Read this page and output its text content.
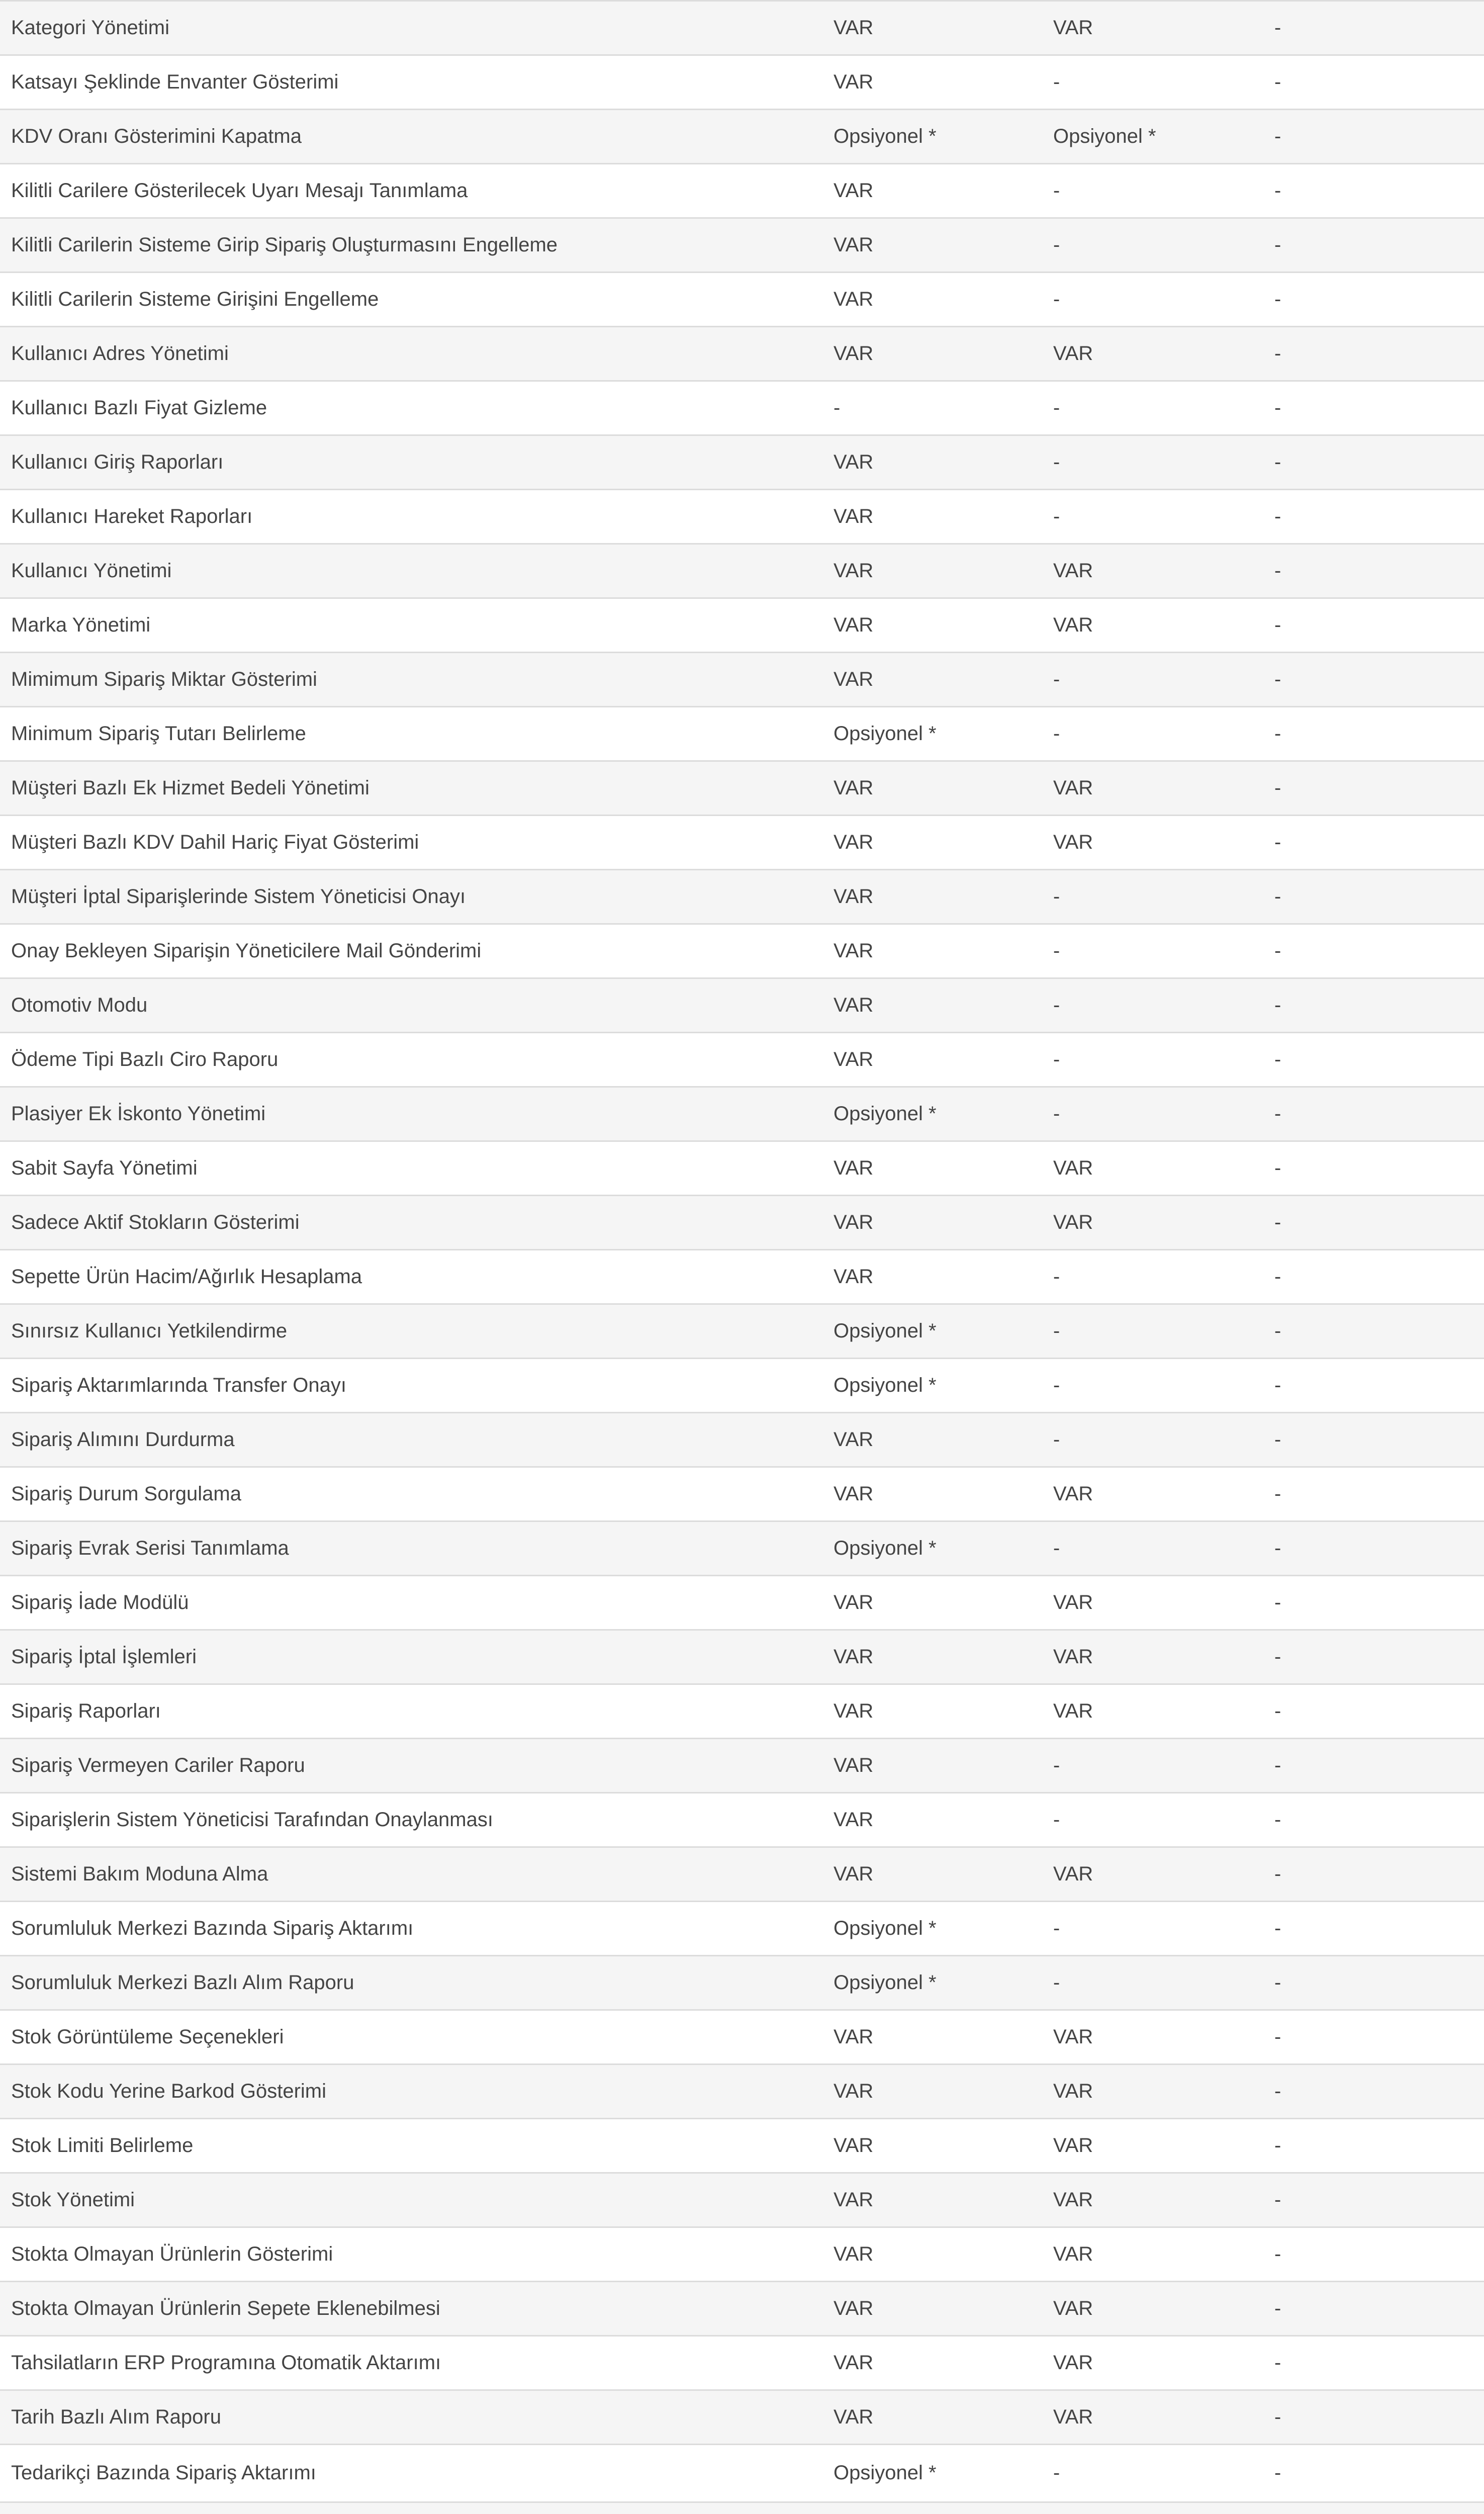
Kategori Yönetimi	VAR	VAR	-
Katsayı Şeklinde Envanter Gösterimi	VAR	-	-
KDV Oranı Gösterimini Kapatma	Opsiyonel *	Opsiyonel *	-
Kilitli Carilere Gösterilecek Uyarı Mesajı Tanımlama	VAR	-	-
Kilitli Carilerin Sisteme Girip Sipariş Oluşturmasını Engelleme	VAR	-	-
Kilitli Carilerin Sisteme Girişini Engelleme	VAR	-	-
Kullanıcı Adres Yönetimi	VAR	VAR	-
Kullanıcı Bazlı Fiyat Gizleme	-	-	-
Kullanıcı Giriş Raporları	VAR	-	-
Kullanıcı Hareket Raporları	VAR	-	-
Kullanıcı Yönetimi	VAR	VAR	-
Marka Yönetimi	VAR	VAR	-
Mimimum Sipariş Miktar Gösterimi	VAR	-	-
Minimum Sipariş Tutarı Belirleme	Opsiyonel *	-	-
Müşteri Bazlı Ek Hizmet Bedeli Yönetimi	VAR	VAR	-
Müşteri Bazlı KDV Dahil Hariç Fiyat Gösterimi	VAR	VAR	-
Müşteri İptal Siparişlerinde Sistem Yöneticisi Onayı	VAR	-	-
Onay Bekleyen Siparişin Yöneticilere Mail Gönderimi	VAR	-	-
Otomotiv Modu	VAR	-	-
Ödeme Tipi Bazlı Ciro Raporu	VAR	-	-
Plasiyer Ek İskonto Yönetimi	Opsiyonel *	-	-
Sabit Sayfa Yönetimi	VAR	VAR	-
Sadece Aktif Stokların Gösterimi	VAR	VAR	-
Sepette Ürün Hacim/Ağırlık Hesaplama	VAR	-	-
Sınırsız Kullanıcı Yetkilendirme	Opsiyonel *	-	-
Sipariş Aktarımlarında Transfer Onayı	Opsiyonel *	-	-
Sipariş Alımını Durdurma	VAR	-	-
Sipariş Durum Sorgulama	VAR	VAR	-
Sipariş Evrak Serisi Tanımlama	Opsiyonel *	-	-
Sipariş İade Modülü	VAR	VAR	-
Sipariş İptal İşlemleri	VAR	VAR	-
Sipariş Raporları	VAR	VAR	-
Sipariş Vermeyen Cariler Raporu	VAR	-	-
Siparişlerin Sistem Yöneticisi Tarafından Onaylanması	VAR	-	-
Sistemi Bakım Moduna Alma	VAR	VAR	-
Sorumluluk Merkezi Bazında Sipariş Aktarımı	Opsiyonel *	-	-
Sorumluluk Merkezi Bazlı Alım Raporu	Opsiyonel *	-	-
Stok Görüntüleme Seçenekleri	VAR	VAR	-
Stok Kodu Yerine Barkod Gösterimi	VAR	VAR	-
Stok Limiti Belirleme	VAR	VAR	-
Stok Yönetimi	VAR	VAR	-
Stokta Olmayan Ürünlerin Gösterimi	VAR	VAR	-
Stokta Olmayan Ürünlerin Sepete Eklenebilmesi	VAR	VAR	-
Tahsilatların ERP Programına Otomatik Aktarımı	VAR	VAR	-
Tarih Bazlı Alım Raporu	VAR	VAR	-
Tedarikçi Bazında Sipariş Aktarımı	Opsiyonel *	-	-
